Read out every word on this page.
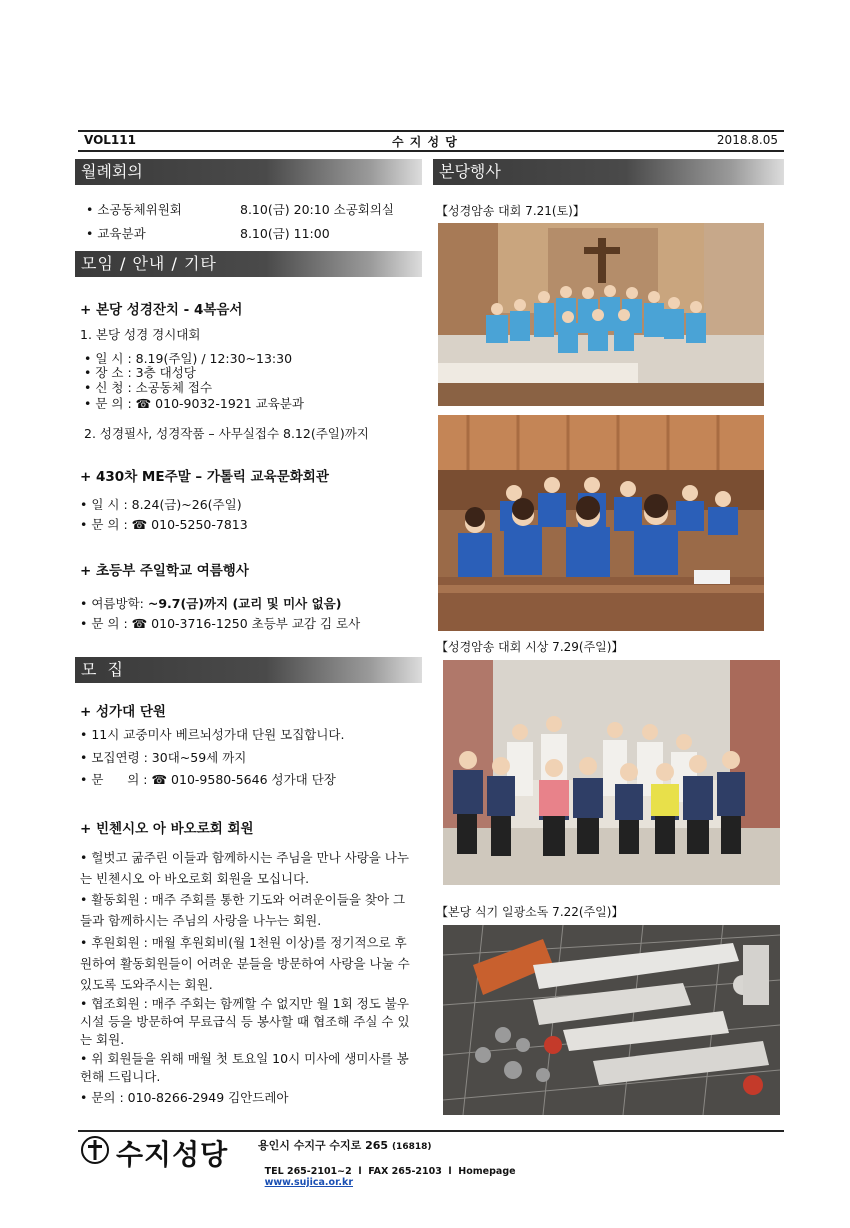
VOL111	수 지 성 당	2018.8.05
월례회의
• 소공동체위원회	8.10(금) 20:10 소공회의실
• 교육분과	8.10(금) 11:00
모임 / 안내 / 기타
+ 본당 성경잔치 - 4복음서
1. 본당 성경 경시대회
• 일 시 : 8.19(주일) / 12:30~13:30
• 장 소 : 3층 대성당
• 신 청 : 소공동체 접수
• 문 의 : ☎ 010-9032-1921 교육분과
2. 성경필사, 성경작품 – 사무실접수 8.12(주일)까지
+ 430차 ME주말 – 가톨릭 교육문화회관
• 일 시 : 8.24(금)~26(주일)
• 문 의 : ☎ 010-5250-7813
+ 초등부 주일학교 여름행사
• 여름방학: ~9.7(금)까지 (교리 및 미사 없음)
• 문 의 : ☎ 010-3716-1250 초등부 교감 김 로사
모 집
+ 성가대 단원
• 11시 교중미사 베르뇌성가대 단원 모집합니다.
• 모집연령 : 30대~59세 까지
• 문      의 : ☎ 010-9580-5646 성가대 단장
+ 빈첸시오 아 바오로회 회원
• 헐벗고 굶주린 이들과 함께하시는 주님을 만나 사랑을 나누는 빈첸시오 아 바오로회 회원을 모십니다.
• 활동회원 : 매주 주회를 통한 기도와 어려운이들을 찾아 그들과 함께하시는 주님의 사랑을 나누는 회원.
• 후원회원 : 매월 후원회비(월 1천원 이상)를 정기적으로 후원하여 활동회원들이 어려운 분들을 방문하여 사랑을 나눌 수 있도록 도와주시는 회원.
• 협조회원 : 매주 주회는 함께할 수 없지만 월 1회 정도 불우 시설 등을 방문하여 무료급식 등 봉사할 때 협조해 주실 수 있는 회원.
• 위 회원들을 위해 매월 첫 토요일 10시 미사에 생미사를 봉헌해 드립니다.
• 문의 : 010-8266-2949 김안드레아
본당행사
【성경암송 대회 7.21(토)】
【성경암송 대회 시상 7.29(주일)】
【본당 식기 일광소독 7.22(주일)】
수지성당	용인시 수지구 수지로 265 (16818)

TEL 265-2101~2  l  FAX 265-2103  l  Homepage
www.sujica.or.kr
